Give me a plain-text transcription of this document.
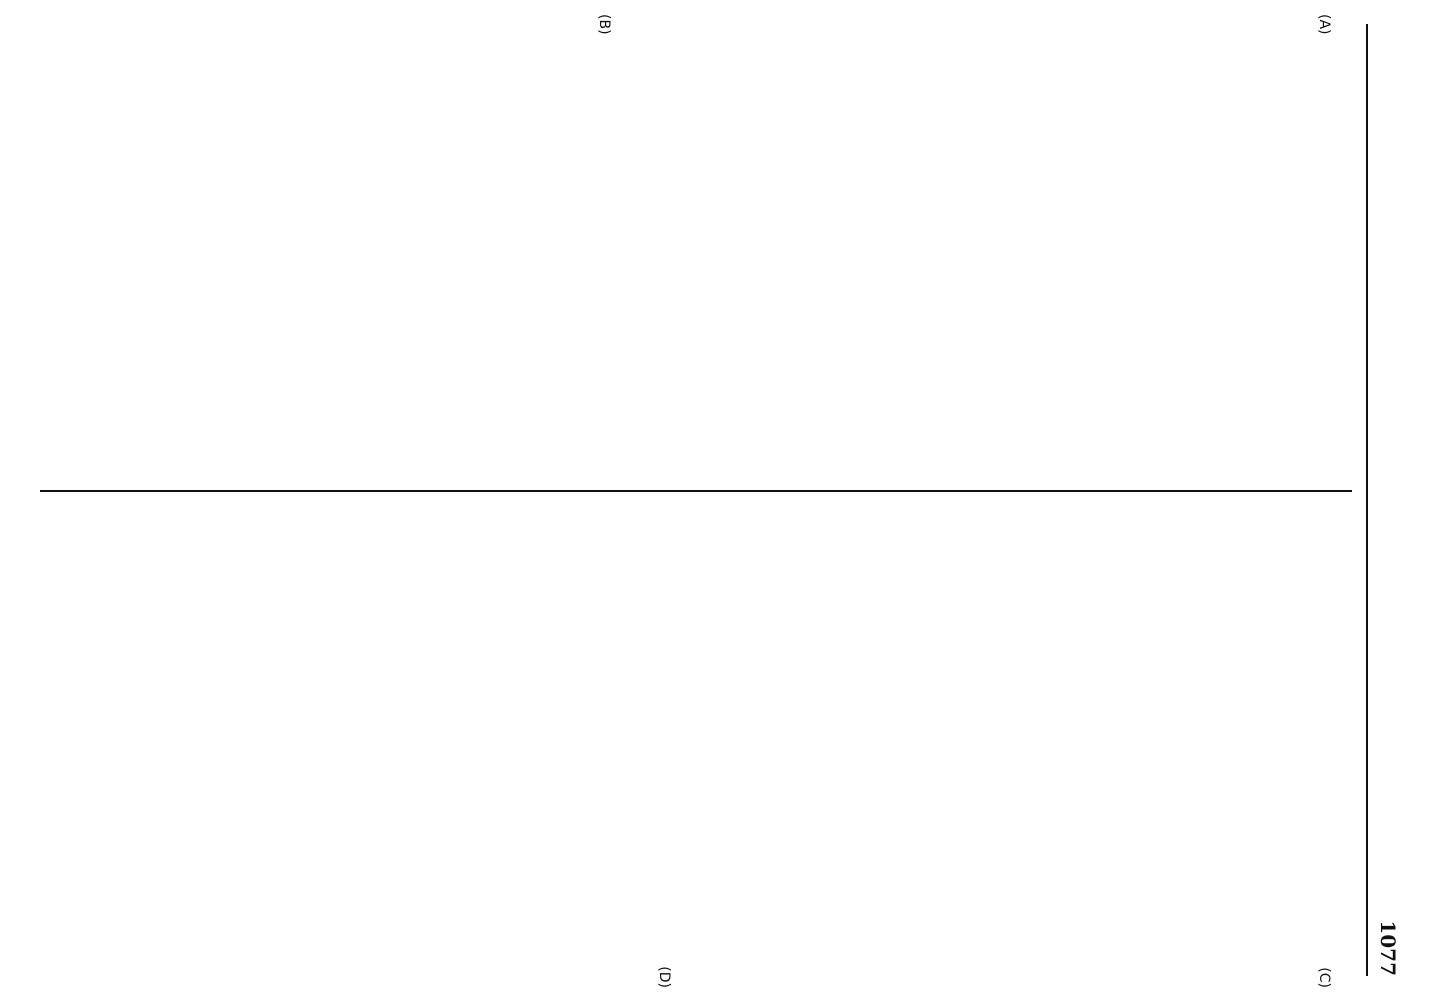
1077
(A)
(B)
(C)
(D)
